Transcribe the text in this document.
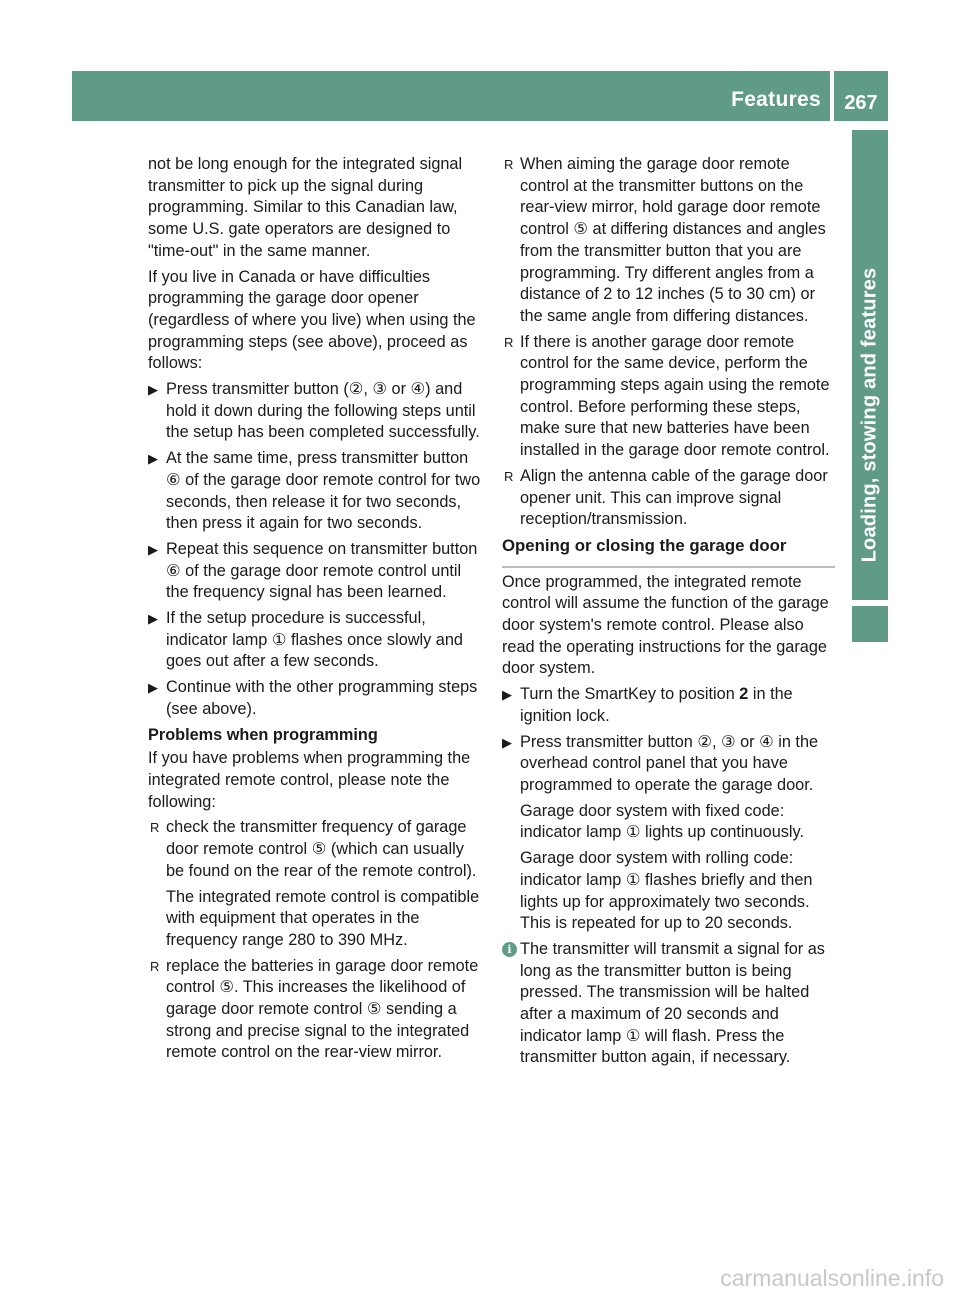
Features	267
Loading, stowing and features

not be long enough for the integrated signal transmitter to pick up the signal during programming. Similar to this Canadian law, some U.S. gate operators are designed to "time-out" in the same manner.

If you live in Canada or have difficulties programming the garage door opener (regardless of where you live) when using the programming steps (see above), proceed as follows:

▶ Press transmitter button (②, ③ or ④) and hold it down during the following steps until the setup has been completed successfully.
▶ At the same time, press transmitter button ⑥ of the garage door remote control for two seconds, then release it for two seconds, then press it again for two seconds.
▶ Repeat this sequence on transmitter button ⑥ of the garage door remote control until the frequency signal has been learned.
▶ If the setup procedure is successful, indicator lamp ① flashes once slowly and goes out after a few seconds.
▶ Continue with the other programming steps (see above).

Problems when programming

If you have problems when programming the integrated remote control, please note the following:

R check the transmitter frequency of garage door remote control ⑤ (which can usually be found on the rear of the remote control).

The integrated remote control is compatible with equipment that operates in the frequency range 280 to 390 MHz.

R replace the batteries in garage door remote control ⑤. This increases the likelihood of garage door remote control ⑤ sending a strong and precise signal to the integrated remote control on the rear-view mirror.
R When aiming the garage door remote control at the transmitter buttons on the rear-view mirror, hold garage door remote control ⑤ at differing distances and angles from the transmitter button that you are programming. Try different angles from a distance of 2 to 12 inches (5 to 30 cm) or the same angle from differing distances.
R If there is another garage door remote control for the same device, perform the programming steps again using the remote control. Before performing these steps, make sure that new batteries have been installed in the garage door remote control.
R Align the antenna cable of the garage door opener unit. This can improve signal reception/transmission.
Opening or closing the garage door

Once programmed, the integrated remote control will assume the function of the garage door system's remote control. Please also read the operating instructions for the garage door system.

▶ Turn the SmartKey to position 2 in the ignition lock.
▶ Press transmitter button ②, ③ or ④ in the overhead control panel that you have programmed to operate the garage door.

Garage door system with fixed code: indicator lamp ① lights up continuously.

Garage door system with rolling code: indicator lamp ① flashes briefly and then lights up for approximately two seconds. This is repeated for up to 20 seconds.

i The transmitter will transmit a signal for as long as the transmitter button is being pressed. The transmission will be halted after a maximum of 20 seconds and indicator lamp ① will flash. Press the transmitter button again, if necessary.
carmanualsonline.info
